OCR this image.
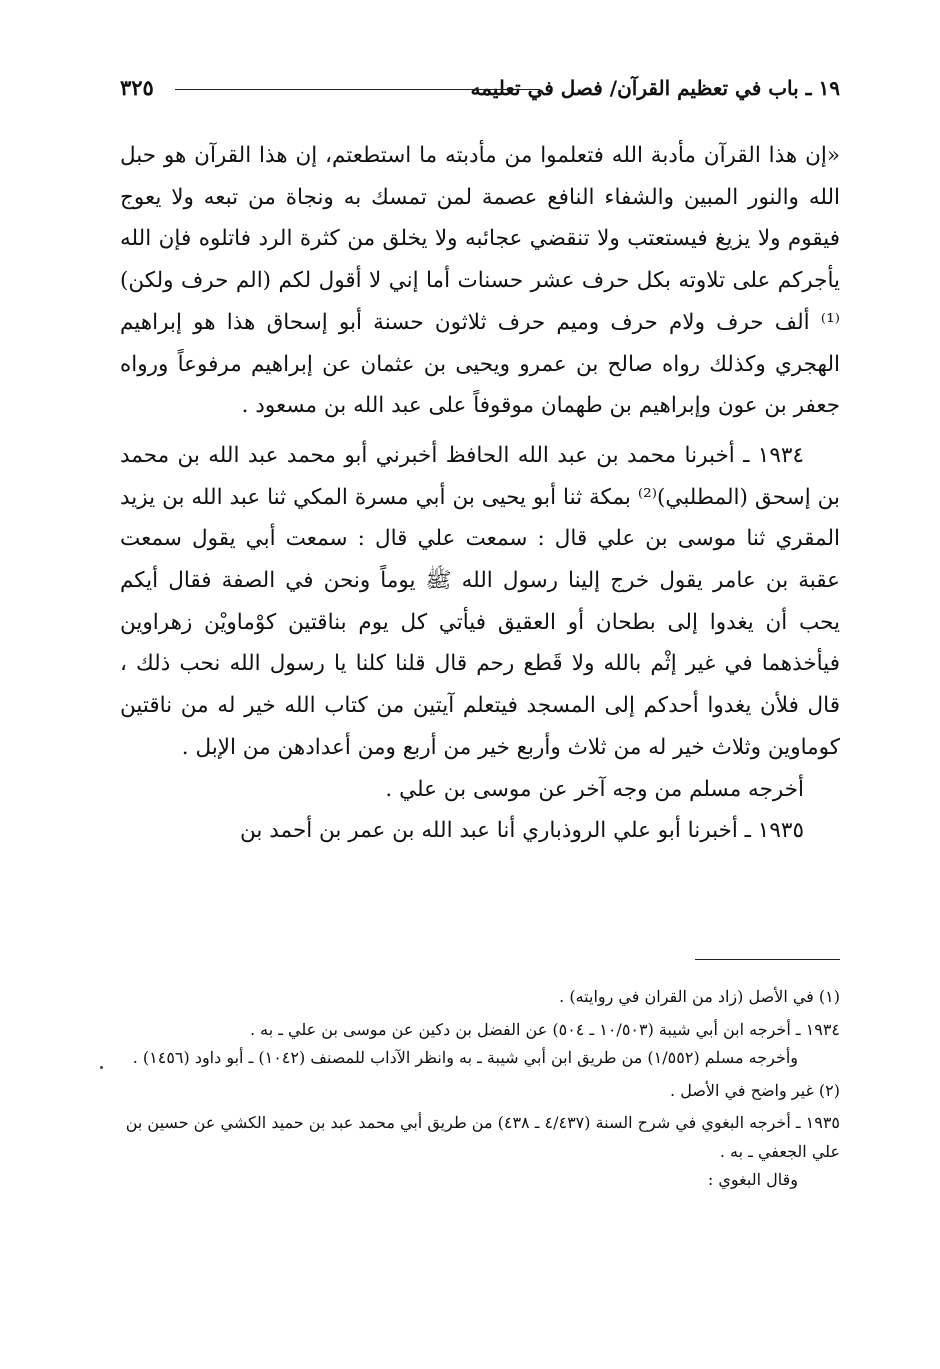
١٩ ـ باب في تعظيم القرآن/ فصل في تعليمه
٣٢٥

«إن هذا القرآن مأدبة الله فتعلموا من مأدبته ما استطعتم، إن هذا القرآن هو حبل الله والنور المبين والشفاء النافع عصمة لمن تمسك به ونجاة من تبعه ولا يعوج فيقوم ولا يزيغ فيستعتب ولا تنقضي عجائبه ولا يخلق من كثرة الرد فاتلوه فإن الله يأجركم على تلاوته بكل حرف عشر حسنات أما إني لا أقول لكم (الم حرف ولكن)⁽¹⁾ ألف حرف ولام حرف وميم حرف ثلاثون حسنة أبو إسحاق هذا هو إبراهيم الهجري وكذلك رواه صالح بن عمرو ويحيى بن عثمان عن إبراهيم مرفوعاً ورواه جعفر بن عون وإبراهيم بن طهمان موقوفاً على عبد الله بن مسعود .

١٩٣٤ ـ أخبرنا محمد بن عبد الله الحافظ أخبرني أبو محمد عبد الله بن محمد بن إسحق (المطلبي)⁽²⁾ بمكة ثنا أبو يحيى بن أبي مسرة المكي ثنا عبد الله بن يزيد المقري ثنا موسى بن علي قال : سمعت علي قال : سمعت أبي يقول سمعت عقبة بن عامر يقول خرج إلينا رسول الله ﷺ يوماً ونحن في الصفة فقال أيكم يحب أن يغدوا إلى بطحان أو العقيق فيأتي كل يوم بناقتين كوْماويْن زهراوين فيأخذهما في غير إثْم بالله ولا قَطع رحم قال قلنا كلنا يا رسول الله نحب ذلك ، قال فلأن يغدوا أحدكم إلى المسجد فيتعلم آيتين من كتاب الله خير له من ناقتين كوماوين وثلاث خير له من ثلاث وأربع خير من أربع ومن أعدادهن من الإبل .

أخرجه مسلم من وجه آخر عن موسى بن علي .

١٩٣٥ ـ أخبرنا أبو علي الروذباري أنا عبد الله بن عمر بن أحمد بن

(١) في الأصل (زاد من القران في روايته) .

١٩٣٤ ـ أخرجه ابن أبي شيبة (١٠/٥٠٣ ـ ٥٠٤) عن الفضل بن دكين عن موسى بن علي ـ به .

وأخرجه مسلم (١/٥٥٢) من طريق ابن أبي شيبة ـ به وانظر الآداب للمصنف (١٠٤٢) ـ أبو داود (١٤٥٦) .

(٢) غير واضح في الأصل .

١٩٣٥ ـ أخرجه البغوي في شرح السنة (٤/٤٣٧ ـ ٤٣٨) من طريق أبي محمد عبد بن حميد الكشي عن حسين بن علي الجعفي ـ به .

وقال البغوي :
